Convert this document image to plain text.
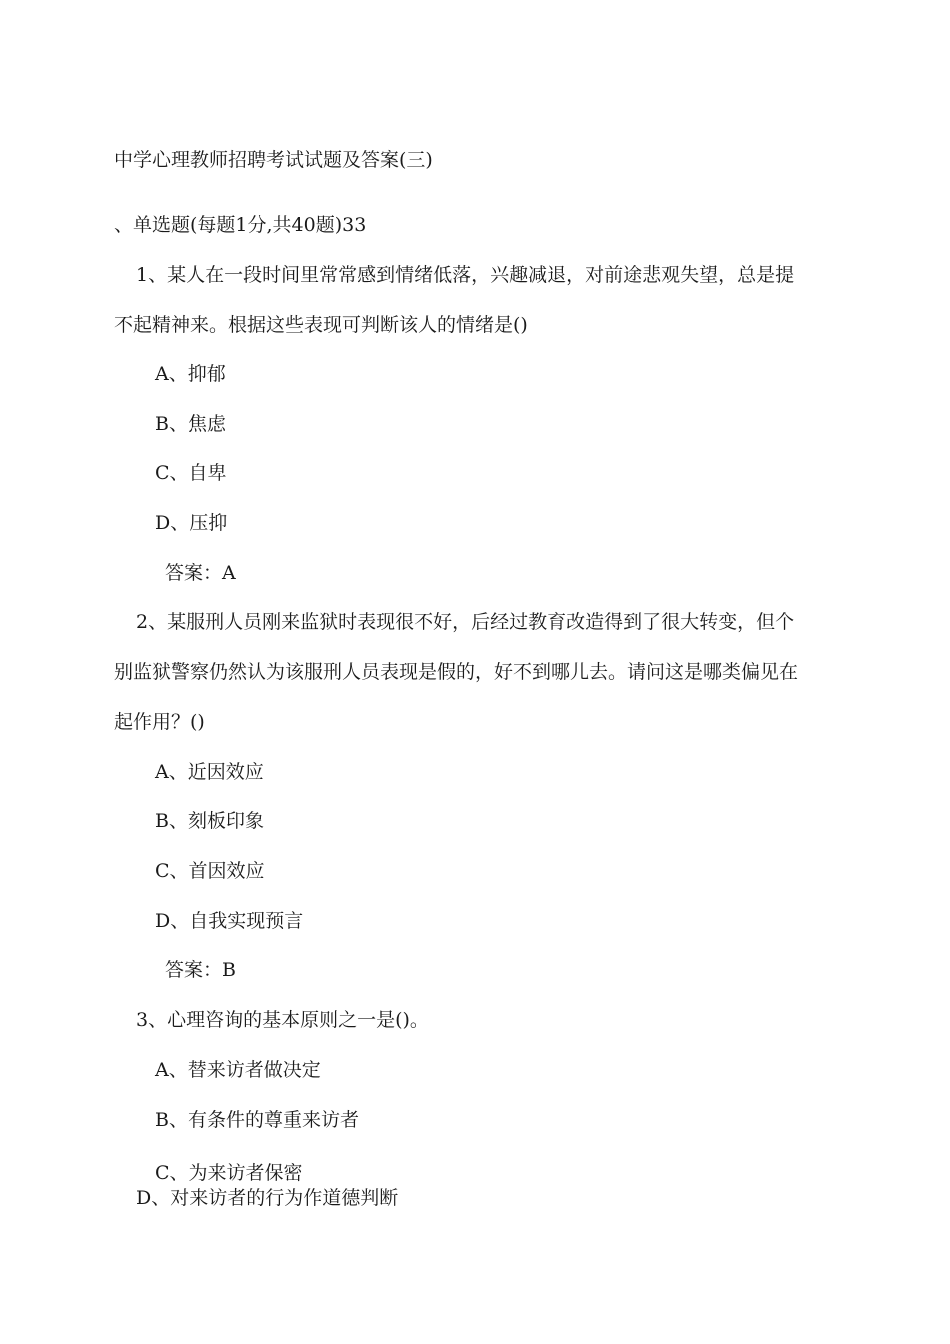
中学心理教师招聘考试试题及答案(三)

、单选题(每题1分,共40题)33

1、某人在一段时间里常常感到情绪低落，兴趣减退，对前途悲观失望，总是提

不起精神来。根据这些表现可判断该人的情绪是()

A、抑郁

B、焦虑

C、自卑

D、压抑

答案：A

2、某服刑人员刚来监狱时表现很不好，后经过教育改造得到了很大转变，但个

别监狱警察仍然认为该服刑人员表现是假的，好不到哪儿去。请问这是哪类偏见在

起作用？()

A、近因效应

B、刻板印象

C、首因效应

D、自我实现预言

答案：B

3、心理咨询的基本原则之一是()。

A、替来访者做决定

B、有条件的尊重来访者

C、为来访者保密

D、对来访者的行为作道德判断
